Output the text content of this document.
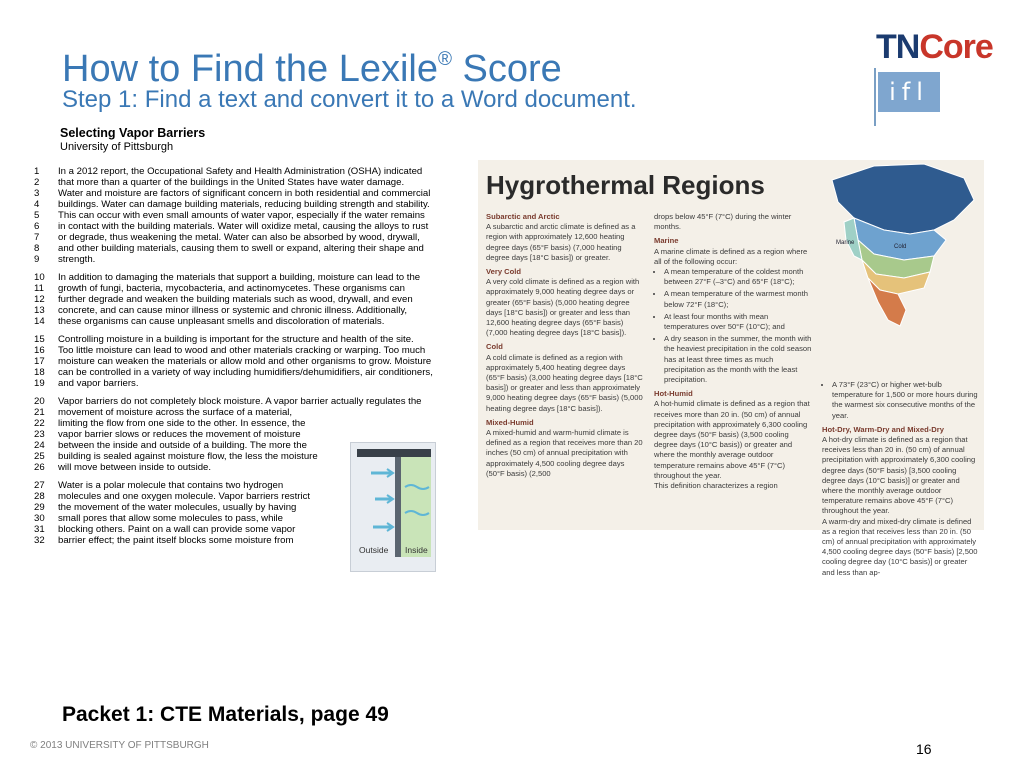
How to Find the Lexile® Score
Step 1: Find a text and convert it to a Word document.
TNCore
ifl
Selecting Vapor Barriers
University of Pittsburgh
1	In a 2012 report, the Occupational Safety and Health Administration (OSHA) indicated
2	that more than a quarter of the buildings in the United States have water damage.
3	Water and moisture are factors of significant concern in both residential and commercial
4	buildings. Water can damage building materials, reducing building strength and stability.
5	This can occur with even small amounts of water vapor, especially if the water remains
6	in contact with the building materials. Water will oxidize metal, causing the alloys to rust
7	or degrade, thus weakening the metal. Water can also be absorbed by wood, drywall,
8	and other building materials, causing them to swell or expand, altering their shape and
9	strength.
10	In addition to damaging the materials that support a building, moisture can lead to the
11	growth of fungi, bacteria, mycobacteria, and actinomycetes. These organisms can
12	further degrade and weaken the building materials such as wood, drywall, and even
13	concrete, and can cause minor illness or systemic and chronic illness. Additionally,
14	these organisms can cause unpleasant smells and discoloration of materials.
15	Controlling moisture in a building is important for the structure and health of the site.
16	Too little moisture can lead to wood and other materials cracking or warping. Too much
17	moisture can weaken the materials or allow mold and other organisms to grow. Moisture
18	can be controlled in a variety of way including humidifiers/dehumidifiers, air conditioners,
19	and vapor barriers.
20	Vapor barriers do not completely block moisture. A vapor barrier actually regulates the
21	movement of moisture across the surface of a material,
22	limiting the flow from one side to the other. In essence, the
23	vapor barrier slows or reduces the movement of moisture
24	between the inside and outside of a building. The more the
25	building is sealed against moisture flow, the less the moisture
26	will move between inside to outside.
27	Water is a polar molecule that contains two hydrogen
28	molecules and one oxygen molecule. Vapor barriers restrict
29	the movement of the water molecules, usually by having
30	small pores that allow some molecules to pass, while
31	blocking others. Paint on a wall can provide some vapor
32	barrier effect; the paint itself blocks some moisture from
Outside Inside
Hygrothermal Regions
Subarctic and Arctic

A subarctic and arctic climate is defined as a region with approximately 12,600 heating degree days (65°F basis) (7,000 heating degree days [18°C basis]) or greater.

Very Cold

A very cold climate is defined as a region with approximately 9,000 heating degree days or greater (65°F basis) (5,000 heating degree days [18°C basis]) or greater and less than 12,600 heating degree days (65°F basis) (7,000 heating degree days [18°C basis]).

Cold

A cold climate is defined as a region with approximately 5,400 heating degree days (65°F basis) (3,000 heating degree days [18°C basis]) or greater and less than approximately 9,000 heating degree days (65°F basis) (5,000 heating degree days [18°C basis]).

Mixed-Humid

A mixed-humid and warm-humid climate is defined as a region that receives more than 20 inches (50 cm) of annual precipitation with approximately 4,500 cooling degree days (50°F basis) (2,500

drops below 45°F (7°C) during the winter months.

Marine

A marine climate is defined as a region where all of the following occur:

• A mean temperature of the coldest month between 27°F (–3°C) and 65°F (18°C);
• A mean temperature of the warmest month below 72°F (18°C);
• At least four months with mean temperatures over 50°F (10°C); and
• A dry season in the summer, the month with the heaviest precipitation in the cold season has at least three times as much precipitation as the month with the least precipitation.
Hot-Humid

A hot-humid climate is defined as a region that receives more than 20 in. (50 cm) of annual precipitation with approximately 6,300 cooling degree days (50°F basis) (3,500 cooling degree days (10°C basis)) or greater and where the monthly average outdoor temperature remains above 45°F (7°C) throughout the year.

This definition characterizes a region

Marine
Cold
• A 73°F (23°C) or higher wet-bulb temperature for 1,500 or more hours during the warmest six consecutive months of the year.
Hot-Dry, Warm-Dry and Mixed-Dry

A hot-dry climate is defined as a region that receives less than 20 in. (50 cm) of annual precipitation with approximately 6,300 cooling degree days (50°F basis) [3,500 cooling degree days (10°C basis)] or greater and where the monthly average outdoor temperature remains above 45°F (7°C) throughout the year.

A warm-dry and mixed-dry climate is defined as a region that receives less than 20 in. (50 cm) of annual precipitation with approximately 4,500 cooling degree days (50°F basis) [2,500 cooling degree day (10°C basis)] or greater and less than ap-

Packet 1: CTE Materials, page 49
© 2013 UNIVERSITY OF PITTSBURGH	16
